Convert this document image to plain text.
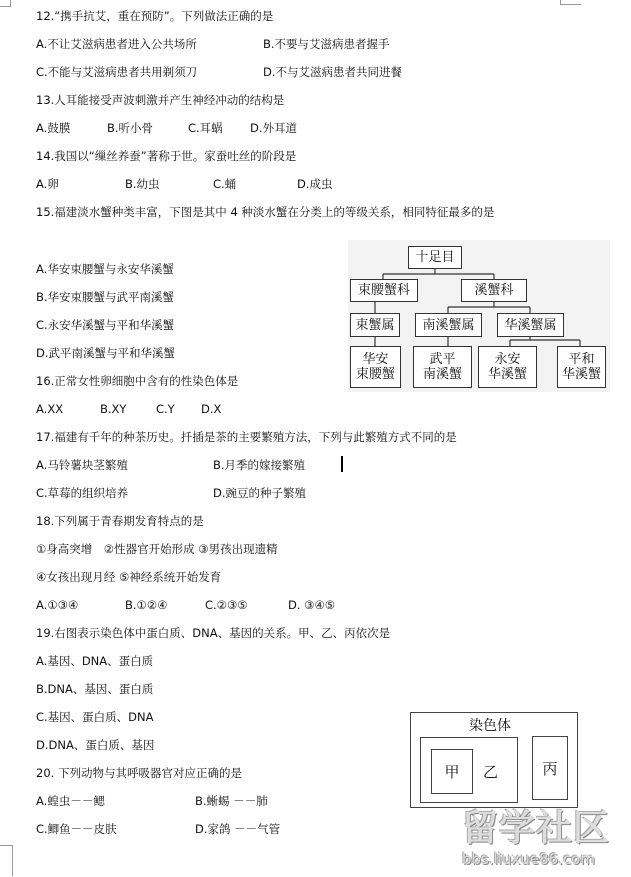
12.“携手抗艾，重在预防”。下列做法正确的是
A.不让艾滋病患者进入公共场所	B.不要与艾滋病患者握手
C.不能与艾滋病患者共用剃须刀	D.不与艾滋病患者共同进餐
13.人耳能接受声波刺激并产生神经冲动的结构是
A.鼓膜	B.听小骨	C.耳蜗 D.外耳道
14.我国以“缫丝养蚕”著称于世。家蚕吐丝的阶段是
A.卵	B.幼虫	C.蛹	D.成虫
15.福建淡水蟹种类丰富，下图是其中 4 种淡水蟹在分类上的等级关系，相同特征最多的是
A.华安束腰蟹与永安华溪蟹
B.华安束腰蟹与武平南溪蟹
C.永安华溪蟹与平和华溪蟹
D.武平南溪蟹与平和华溪蟹
十足目
束腰蟹科	溪蟹科
束蟹属	南溪蟹属	华溪蟹属
华安
束腰蟹
武平
南溪蟹
永安
华溪蟹
平和
华溪蟹
16.正常女性卵细胞中含有的性染色体是
A.XX	B.XY	C.Y D.X
17.福建有千年的种茶历史。扦插是茶的主要繁殖方法，下列与此繁殖方式不同的是
A.马铃薯块茎繁殖	B.月季的嫁接繁殖
C.草莓的组织培养	D.豌豆的种子繁殖
18.下列属于青春期发育特点的是
①身高突增　②性器官开始形成 ③男孩出现遗精
④女孩出现月经 ⑤神经系统开始发育
A.①③④	B.①②④	C.②③⑤	D. ③④⑤
19.右图表示染色体中蛋白质、DNA、基因的关系。甲、乙、丙依次是
A.基因、DNA、蛋白质
B.DNA、基因、蛋白质
C.基因、蛋白质、DNA
D.DNA、蛋白质、基因
染色体
甲 乙	丙
20. 下列动物与其呼吸器官对应正确的是
A.蝗虫－－鳃	B.蜥蜴 －－肺
C.鲫鱼－－皮肤	D.家鸽 －－气管	留学社区
bbs.liuxue86.com
